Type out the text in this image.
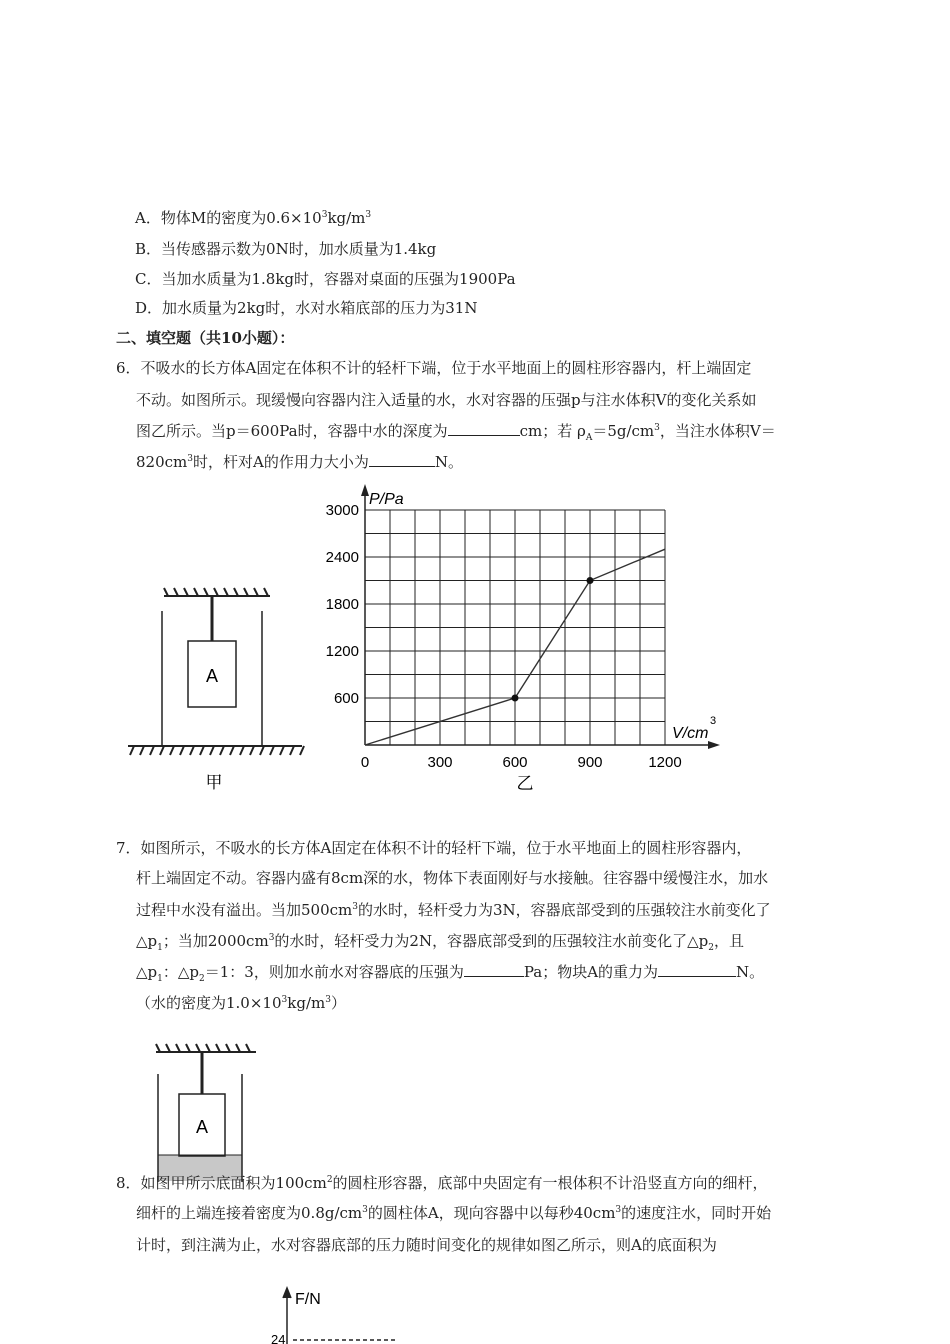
A．物体M的密度为$0.6\times 10^3kg/m^3$
B．当传感器示数为0N时，加水质量为1.4kg
C．当加水质量为1.8kg时，容器对桌面的压强为1900Pa
D．加水质量为2kg时，水对水箱底部的压力为31N
二、填空题（共10小题）：
6．不吸水的长方体A固定在体积不计的轻杆下端，位于水平地面上的圆柱形容器内，杆上端固定
不动。如图所示。现缓慢向容器内注入适量的水，水对容器的压强p与注水体积V的变化关系如
图乙所示。当p＝600Pa时，容器中水的深度为	cm；若 $\rho_A=5g/cm^3$，当注水体积V＝
$820cm^3$时，杆对A的作用力大小为	N。
A
甲
0	300	600	900	1200
600
1200
1800
2400
3000
P/Pa
V/cm
3
乙
7．如图所示，不吸水的长方体A固定在体积不计的轻杆下端，位于水平地面上的圆柱形容器内，
杆上端固定不动。容器内盛有8cm深的水，物体下表面刚好与水接触。往容器中缓慢注水，加水
过程中水没有溢出。当加$500cm^3$的水时，轻杆受力为3N，容器底部受到的压强较注水前变化了
$\triangle p_1$；当加$2000cm^3$的水时，轻杆受力为2N，容器底部受到的压强较注水前变化了$\triangle p_2$，且
$\triangle p_1$：$\triangle p_2=1$：3，则加水前水对容器底的压强为	Pa；物块A的重力为	N。
（水的密度为$1.0\times 10^3kg/m^3$）
A
8．如图甲所示底面积为$100cm^2$的圆柱形容器，底部中央固定有一根体积不计沿竖直方向的细杆，
细杆的上端连接着密度为$0.8g/cm^3$的圆柱体A，现向容器中以每秒$40cm^3$的速度注水，同时开始
计时，到注满为止，水对容器底部的压力随时间变化的规律如图乙所示，则A的底面积为
F/N
24
